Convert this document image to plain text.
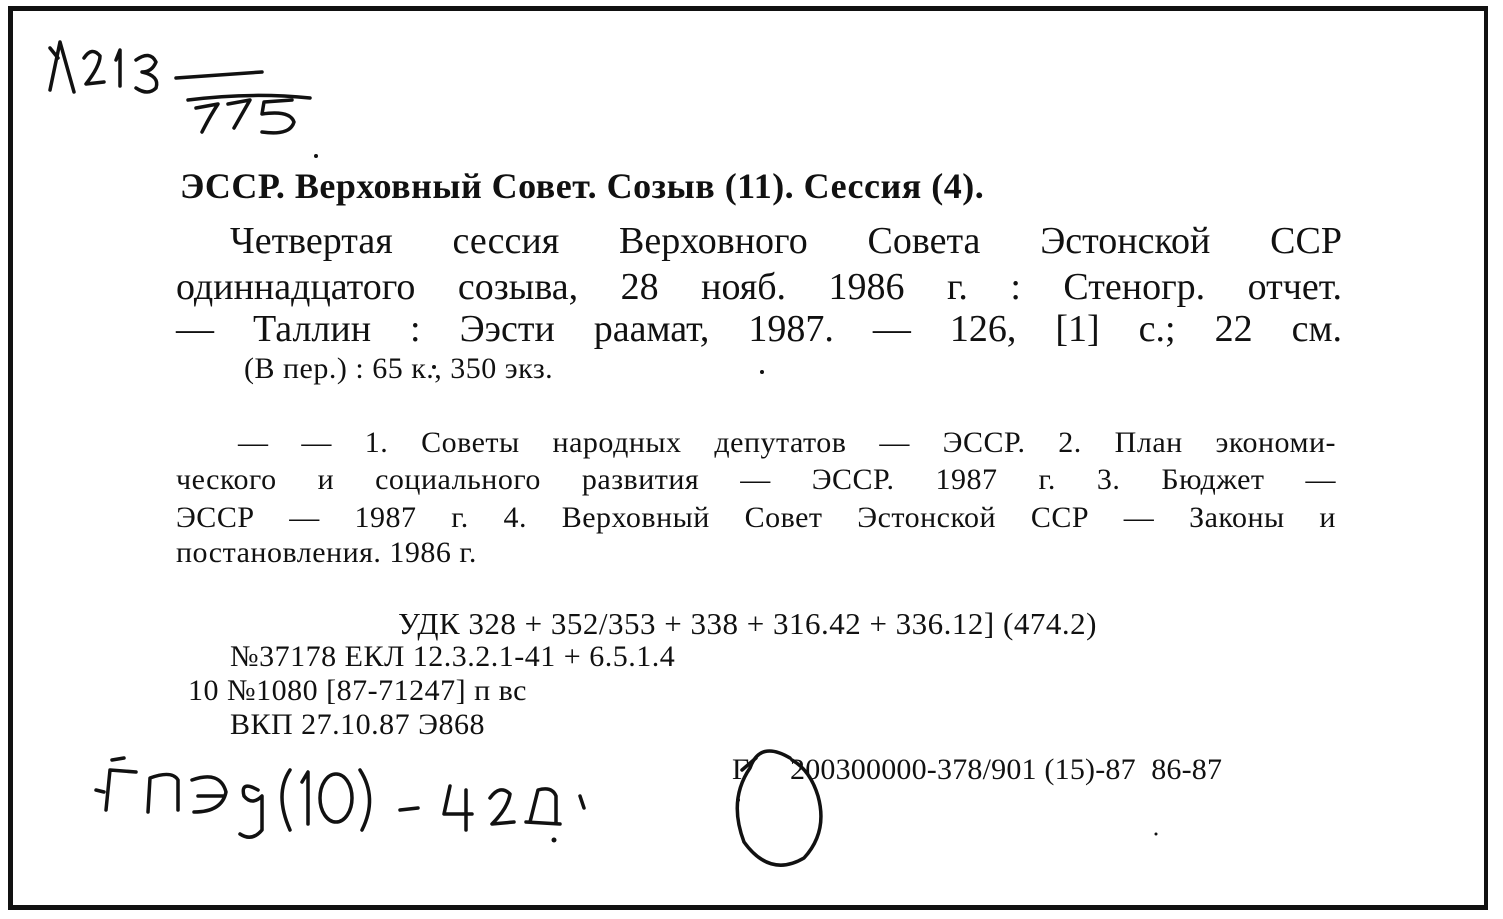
ЭССР. Верховный Совет. Созыв (11). Сессия (4).
Четвертая сессия Верховного Совета Эстонской ССР
одиннадцатого созыва, 28 нояб. 1986 г. : Стеногр. отчет.
— Таллин : Ээсти раамат, 1987. — 126, [1] с.; 22 см.
(В пер.) : 65 к., 350 экз.
— — 1. Советы народных депутатов — ЭССР. 2. План экономи-
ческого и социального развития — ЭССР. 1987 г. 3. Бюджет —
ЭССР — 1987 г. 4. Верховный Совет Эстонской ССР — Законы и
постановления. 1986 г.
УДК 328 + 352/353 + 338 + 316.42 + 336.12] (474.2)
№37178 ЕКЛ 12.3.2.1-41 + 6.5.1.4
10 №1080 [87-71247] п вс
ВКП 27.10.87 Э868
Г 200300000-378/901 (15)-87  86-87
